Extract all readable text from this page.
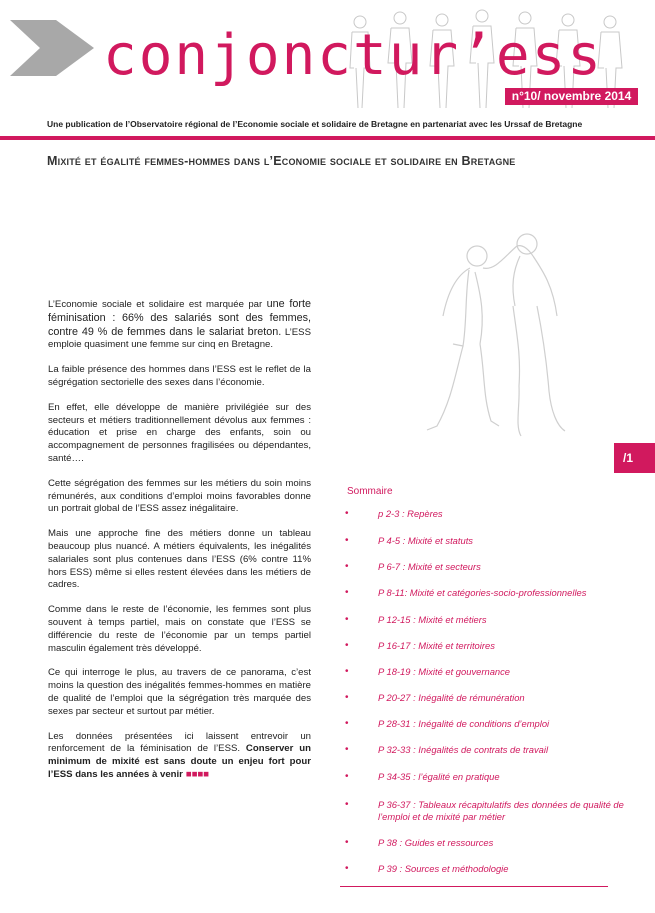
conjonctur’ess
n°10/ novembre 2014
Une publication de l’Observatoire régional de l’Economie sociale et solidaire de Bretagne en partenariat avec les Urssaf de Bretagne
Mixité et égalité femmes-hommes dans l’Economie sociale et solidaire en Bretagne

L’Economie sociale et solidaire est marquée par une forte féminisation : 66% des salariés sont des femmes, contre 49 % de femmes dans le salariat breton. L’ESS emploie quasiment une femme sur cinq en Bretagne.

La faible présence des hommes dans l’ESS est le reflet de la ségrégation sectorielle des sexes dans l’économie.

En effet, elle développe de manière privilégiée sur des secteurs et métiers traditionnellement dévolus aux femmes : éducation et prise en charge des enfants, soin ou accompagnement de personnes fragilisées ou dépendantes, santé….

Cette ségrégation des femmes sur les métiers du soin moins rémunérés, aux conditions d’emploi moins favorables donne un portrait global de l’ESS assez inégalitaire.

Mais une approche fine des métiers donne un tableau beaucoup plus nuancé. A métiers équivalents, les inégalités salariales sont plus contenues dans l’ESS (6% contre 11% hors ESS) même si elles restent élevées dans les métiers de cadres.

Comme dans le reste de l’économie, les femmes sont plus souvent à temps partiel, mais on constate que l’ESS se différencie du reste de l’économie par un temps partiel masculin également très développé.

Ce qui interroge le plus, au travers de ce panorama, c’est moins la question des inégalités femmes-hommes en matière de qualité de l’emploi que la ségrégation très marquée des sexes par secteur et surtout par métier.

Les données présentées ici laissent entrevoir un renforcement de la féminisation de l’ESS. Conserver un minimum de mixité est sans doute un enjeu fort pour l’ESS dans les années à venir ■■■■

/1
Sommaire
•	p 2-3 : Repères
•	P 4-5 : Mixité et statuts
•	P 6-7 : Mixité et secteurs
•	P 8-11: Mixité et catégories-socio-professionnelles
•	P 12-15 : Mixité et métiers
•	P 16-17 : Mixité et territoires
•	P 18-19 : Mixité et gouvernance
•	P 20-27 : Inégalité de rémunération
•	P 28-31 : Inégalité de conditions d’emploi
•	P 32-33 : Inégalités de contrats de travail
•	P 34-35 : l’égalité en pratique
•	P 36-37 : Tableaux récapitulatifs des données de qualité de l’emploi et de mixité par métier
•	P 38 : Guides et ressources
•	P 39 : Sources et méthodologie
